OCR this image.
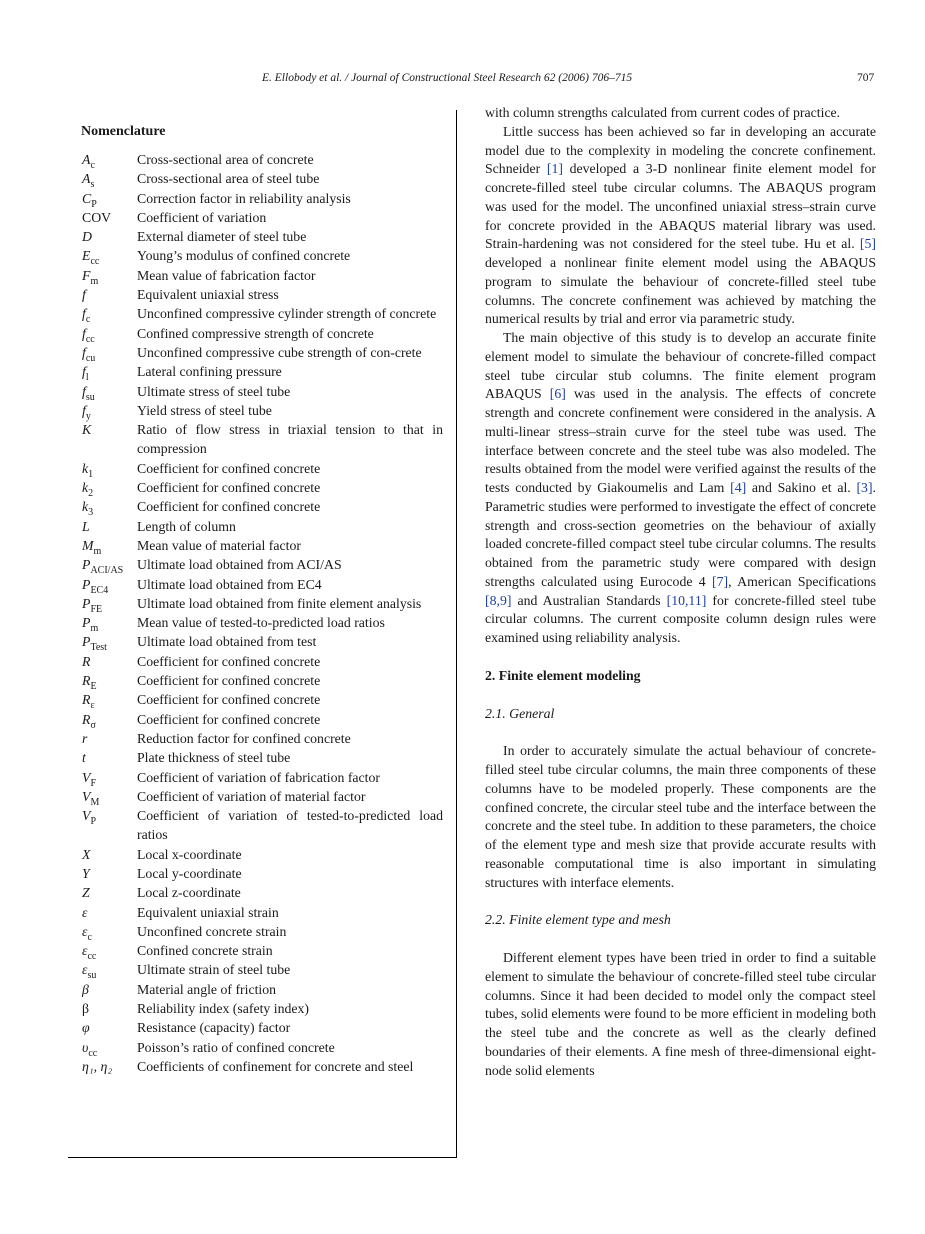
E. Ellobody et al. / Journal of Constructional Steel Research 62 (2006) 706–715	707
Nomenclature
$A_c$	Cross-sectional area of concrete
$A_s$	Cross-sectional area of steel tube
$C_P$	Correction factor in reliability analysis
COV	Coefficient of variation
D	External diameter of steel tube
$E_{cc}$	Young’s modulus of confined concrete
$F_m$	Mean value of fabrication factor
f	Equivalent uniaxial stress
$f_c$	Unconfined compressive cylinder strength of concrete
$f_{cc}$	Confined compressive strength of concrete
$f_{cu}$	Unconfined compressive cube strength of con-crete
$f_l$	Lateral confining pressure
$f_{su}$	Ultimate stress of steel tube
$f_y$	Yield stress of steel tube
K	Ratio of flow stress in triaxial tension to that in compression
$k_1$	Coefficient for confined concrete
$k_2$	Coefficient for confined concrete
$k_3$	Coefficient for confined concrete
L	Length of column
$M_m$	Mean value of material factor
$P_{ACI/AS}$ Ultimate load obtained from ACI/AS
$P_{EC4}$	Ultimate load obtained from EC4
$P_{FE}$	Ultimate load obtained from finite element analysis
$P_m$	Mean value of tested-to-predicted load ratios
$P_{Test}$	Ultimate load obtained from test
R	Coefficient for confined concrete
$R_E$	Coefficient for confined concrete
$R_\varepsilon$	Coefficient for confined concrete
$R_\sigma$	Coefficient for confined concrete
r	Reduction factor for confined concrete
t	Plate thickness of steel tube
$V_F$	Coefficient of variation of fabrication factor
$V_M$	Coefficient of variation of material factor
$V_P$	Coefficient of variation of tested-to-predicted load ratios
X	Local x-coordinate
Y	Local y-coordinate
Z	Local z-coordinate
ε	Equivalent uniaxial strain
$\varepsilon_c$	Unconfined concrete strain
$\varepsilon_{cc}$	Confined concrete strain
$\varepsilon_{su}$	Ultimate strain of steel tube
β	Material angle of friction
β	Reliability index (safety index)
φ	Resistance (capacity) factor
$\upsilon_{cc}$	Poisson’s ratio of confined concrete
η₁, η₂	Coefficients of confinement for concrete and steel

with column strengths calculated from current codes of practice.

Little success has been achieved so far in developing an accurate model due to the complexity in modeling the concrete confinement. Schneider [1] developed a 3-D nonlinear finite element model for concrete-filled steel tube circular columns. The ABAQUS program was used for the model. The unconfined uniaxial stress–strain curve for concrete provided in the ABAQUS material library was used. Strain-hardening was not considered for the steel tube. Hu et al. [5] developed a nonlinear finite element model using the ABAQUS program to simulate the behaviour of concrete-filled steel tube columns. The concrete confinement was achieved by matching the numerical results by trial and error via parametric study.

The main objective of this study is to develop an accurate finite element model to simulate the behaviour of concrete-filled compact steel tube circular stub columns. The finite element program ABAQUS [6] was used in the analysis. The effects of concrete strength and concrete confinement were considered in the analysis. A multi-linear stress–strain curve for the steel tube was used. The interface between concrete and the steel tube was also modeled. The results obtained from the model were verified against the results of the tests conducted by Giakoumelis and Lam [4] and Sakino et al. [3]. Parametric studies were performed to investigate the effect of concrete strength and cross-section geometries on the behaviour of axially loaded concrete-filled compact steel tube circular columns. The results obtained from the parametric study were compared with design strengths calculated using Eurocode 4 [7], American Specifications [8,9] and Australian Standards [10,11] for concrete-filled steel tube circular columns. The current composite column design rules were examined using reliability analysis.

2. Finite element modeling

2.1. General

In order to accurately simulate the actual behaviour of concrete-filled steel tube circular columns, the main three components of these columns have to be modeled properly. These components are the confined concrete, the circular steel tube and the interface between the concrete and the steel tube. In addition to these parameters, the choice of the element type and mesh size that provide accurate results with reasonable computational time is also important in simulating structures with interface elements.

2.2. Finite element type and mesh

Different element types have been tried in order to find a suitable element to simulate the behaviour of concrete-filled steel tube circular columns. Since it had been decided to model only the compact steel tubes, solid elements were found to be more efficient in modeling both the steel tube and the concrete as well as the clearly defined boundaries of their elements. A fine mesh of three-dimensional eight-node solid elements
